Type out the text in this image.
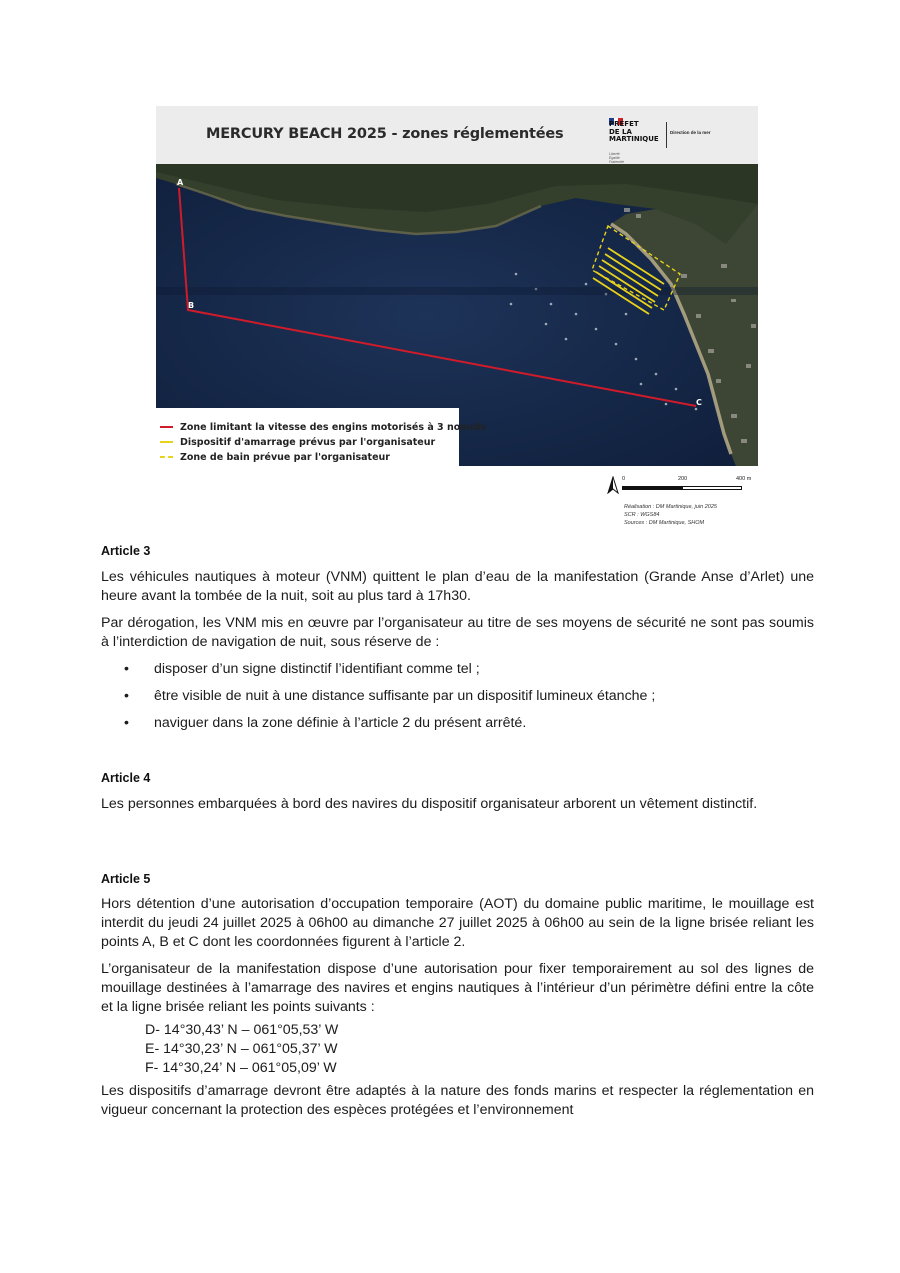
MERCURY BEACH 2025 - zones réglementées
PRÉFET
DE LA
MARTINIQUE
Liberté
Égalité
Fraternité
Direction de la mer
A
B
C
Zone limitant la vitesse des engins motorisés à 3 noeuds
Dispositif d'amarrage prévus par l'organisateur
Zone de bain prévue par l'organisateur
0	200	400 m
Réalisation : DM Martinique, juin 2025
SCR : WGS84
Sources : DM Martinique, SHOM
Article 3
Les véhicules nautiques à moteur (VNM) quittent le plan d’eau de la manifestation (Grande Anse d’Arlet) une heure avant la tombée de la nuit, soit au plus tard à 17h30.
Par dérogation, les VNM mis en œuvre par l’organisateur au titre de ses moyens de sécurité ne sont pas soumis à l’interdiction de navigation de nuit, sous réserve de :
• disposer d’un signe distinctif l’identifiant comme tel ;
• être visible de nuit à une distance suffisante par un dispositif lumineux étanche ;
• naviguer dans la zone définie à l’article 2 du présent arrêté.
Article 4
Les personnes embarquées à bord des navires du dispositif organisateur arborent un vêtement distinctif.
Article 5
Hors détention d’une autorisation d’occupation temporaire (AOT) du domaine public maritime, le mouillage est interdit du jeudi 24 juillet 2025 à 06h00 au dimanche 27 juillet 2025 à 06h00 au sein de la ligne brisée reliant les points A, B et C dont les coordonnées figurent à l’article 2.
L’organisateur de la manifestation dispose d’une autorisation pour fixer temporairement au sol des lignes de mouillage destinées à l’amarrage des navires et engins nautiques à l’intérieur d’un périmètre défini entre la côte et la ligne brisée reliant les points suivants :
D- 14°30,43’ N – 061°05,53’ W
E- 14°30,23’ N – 061°05,37’ W
F- 14°30,24’ N – 061°05,09’ W
Les dispositifs d’amarrage devront être adaptés à la nature des fonds marins et respecter la réglementation en vigueur concernant la protection des espèces protégées et l’environnement
